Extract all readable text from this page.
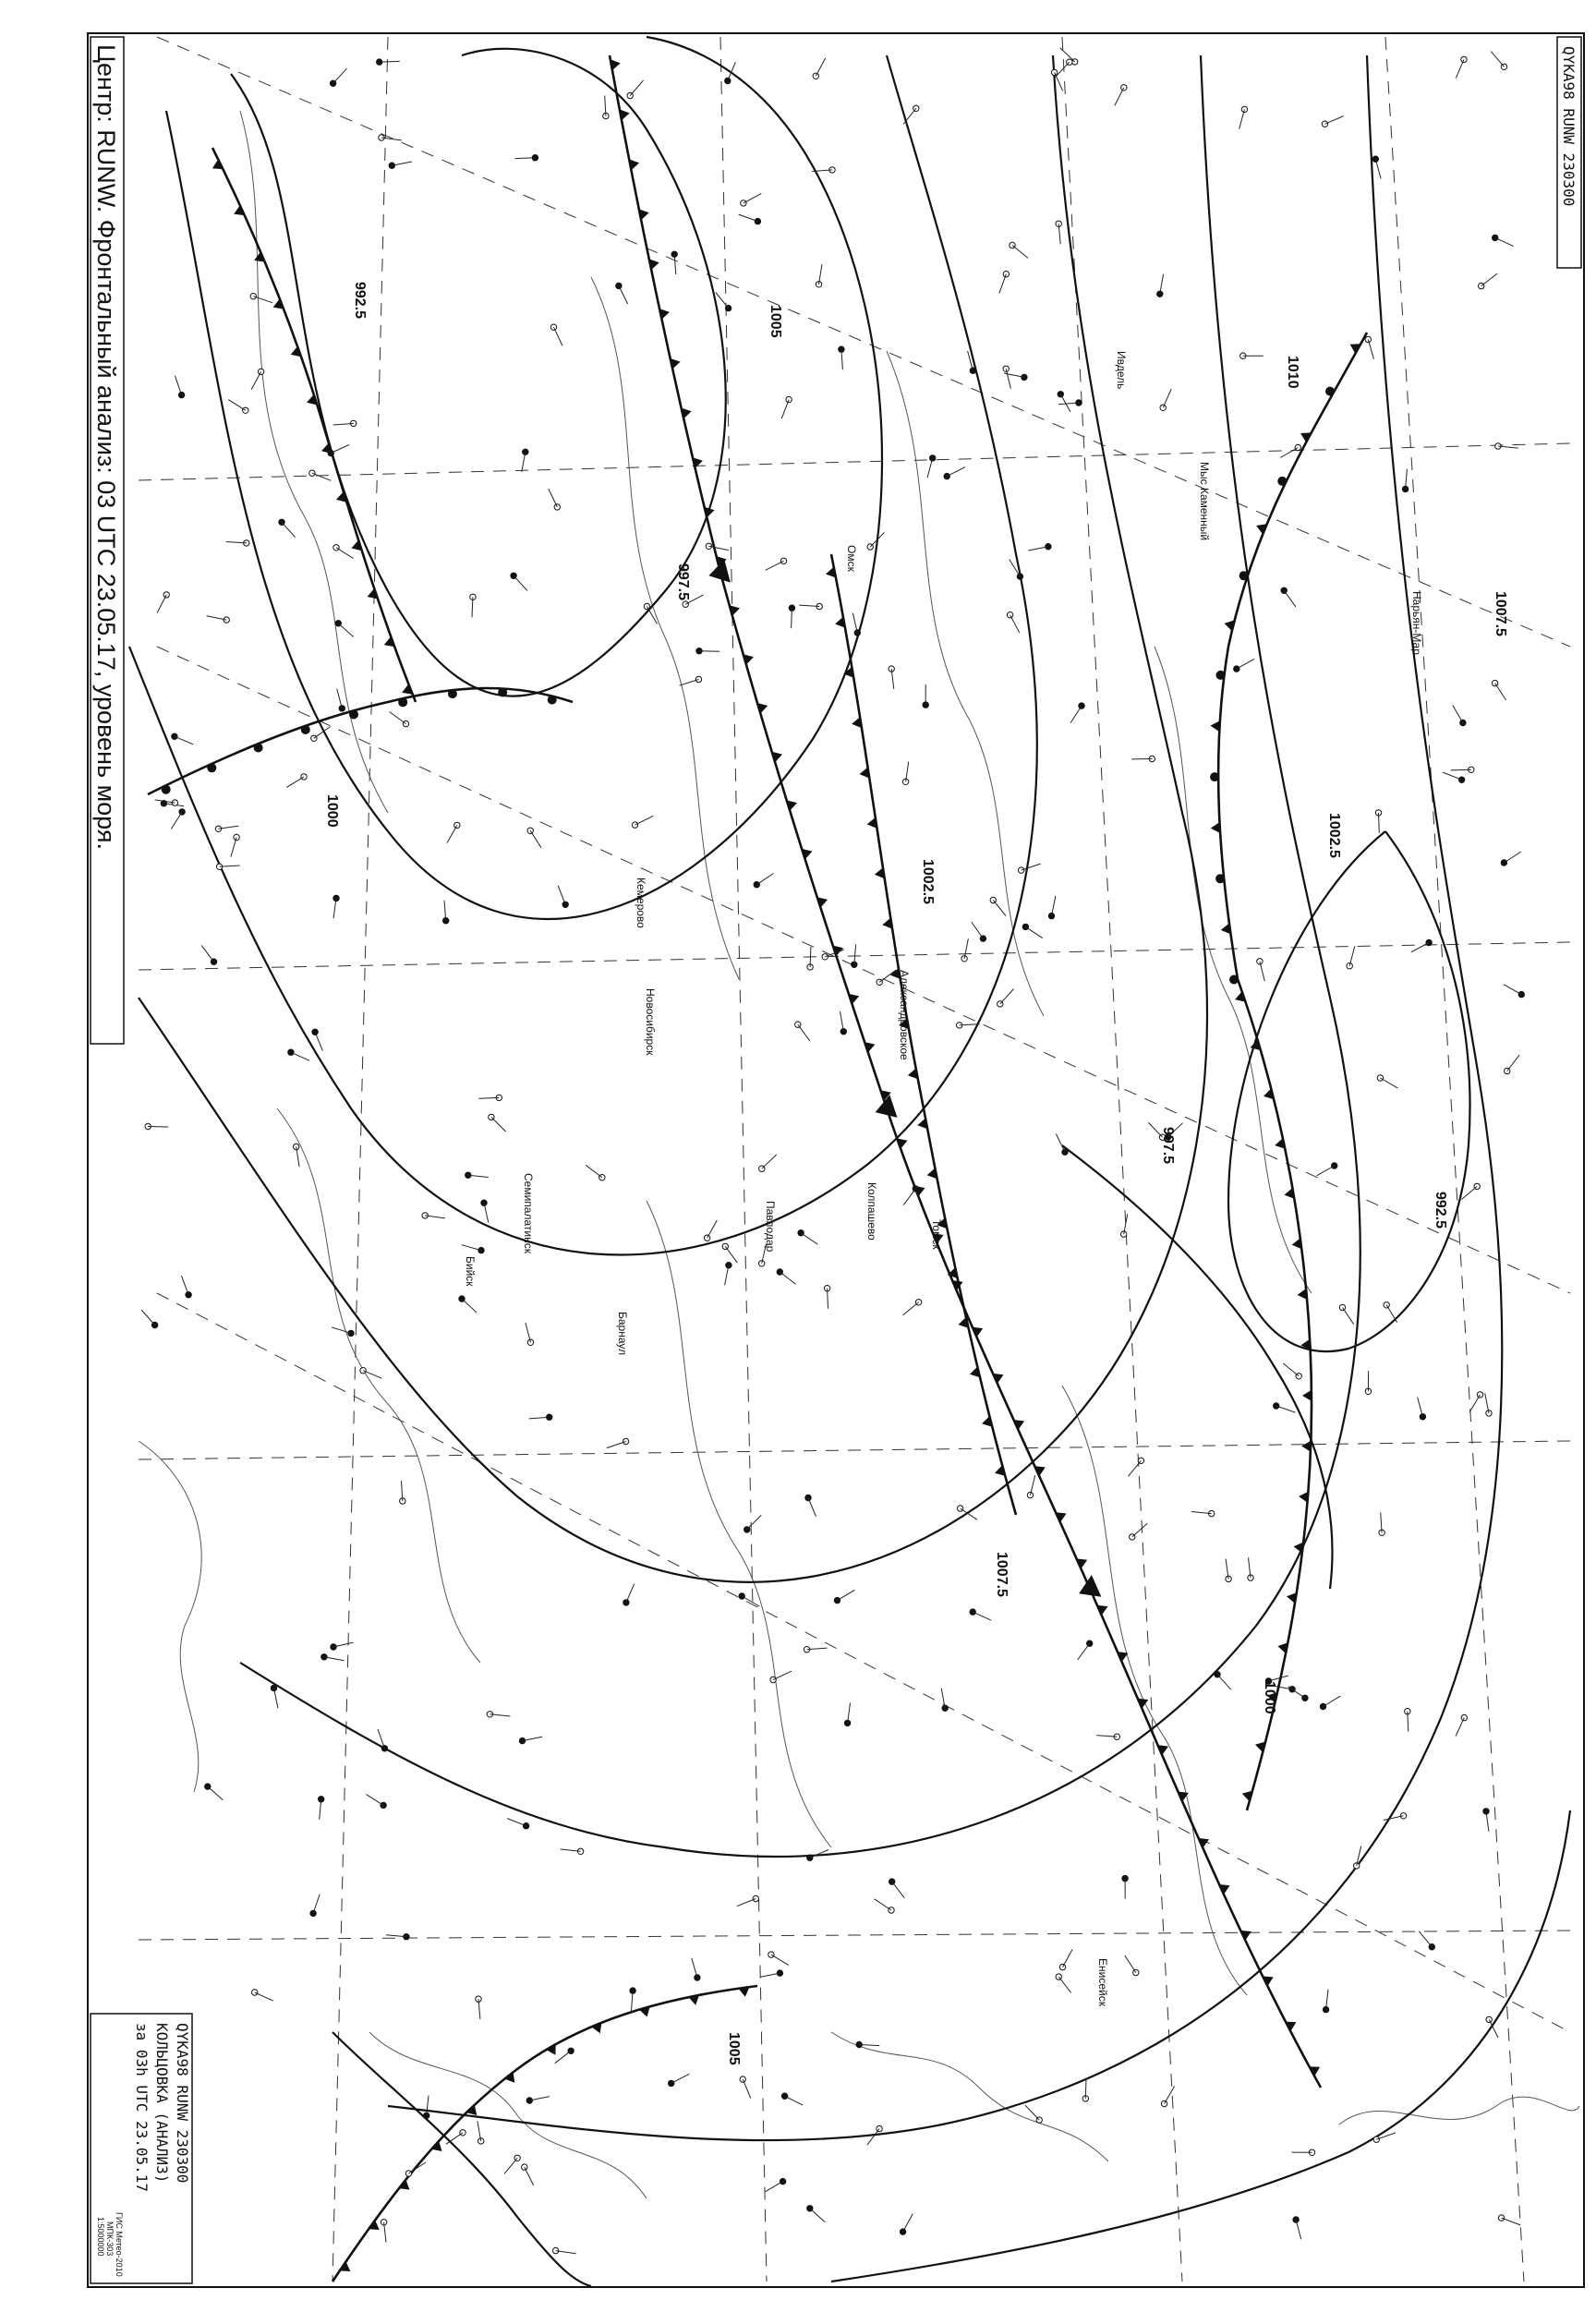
992.5
997.5
1000
1002.5
1005
1007.5
1010
992.5
997.5
1002.5
1005
1007.5
1000
Омск
Кемерово
Барнаул
Новосибирск	Александровское
Бийск
Ивдель
Павлодар
Семипалатинск	Колпашево	Томск
Енисейск
Нарьян-Мар
Мыс Каменный
Центр: RUNW. Фронтальный анализ: 03 UTC 23.05.17, уровень моря.	QYKA98 RUNW 230300
QYKA98 RUNW 230300
КОЛЬЦОВКА (АНАЛИЗ)
за 03h UTC 23.05.17
ГИС Метео-2010
МПК-303
1:5000000
